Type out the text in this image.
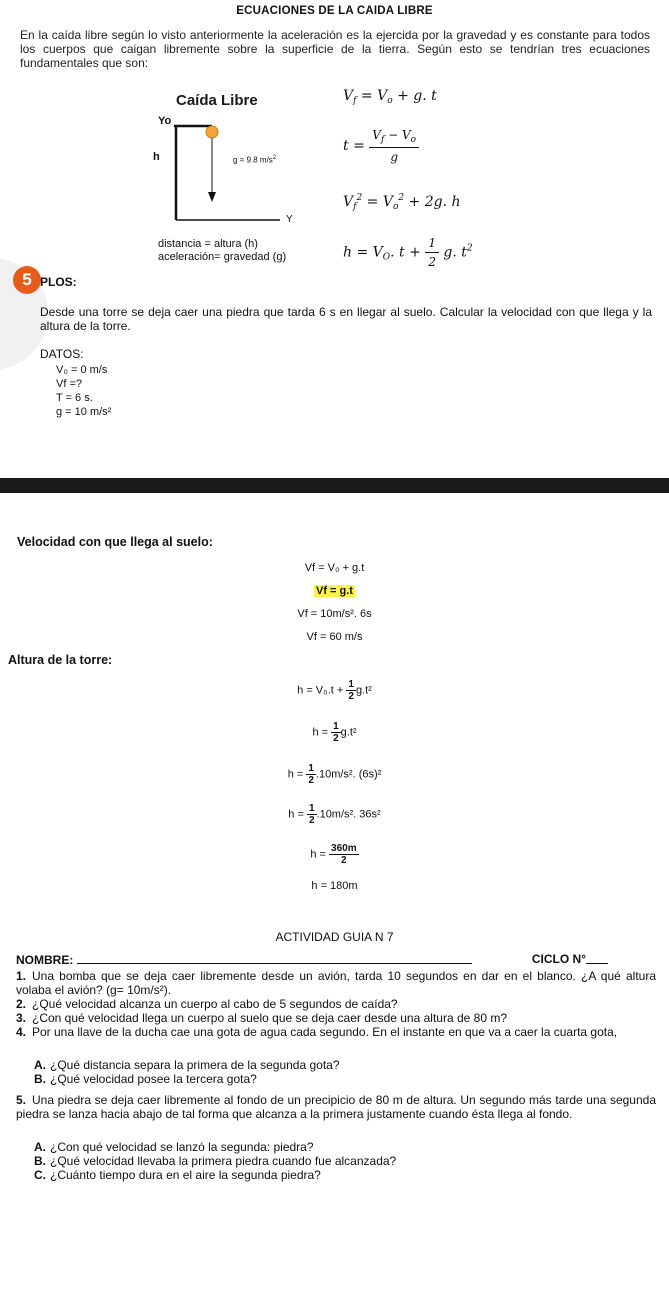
ECUACIONES DE LA CAIDA LIBRE
En la caída libre según lo visto anteriormente la aceleración es la ejercida por la gravedad y es constante para todos los cuerpos que caigan libremente sobre la superficie de la tierra. Según esto se tendrían tres ecuaciones fundamentales que son:
Caída Libre
Yo
h	g = 9.8 $m/s^2$
Y
distancia = altura (h)
aceleración= gravedad (g)
$V_f = V_o + g$. t
$t = \frac{V_f - V_o}{g}$
$V_f^2 = V_o^2 + 2g$. h
$h = V_O$. $t + \frac{1}{2} g$. $t^2$
5 PLOS:
Desde una torre se deja caer una piedra que tarda 6 s en llegar al suelo. Calcular la velocidad con que llega y la altura de la torre.
DATOS:
V₀ = 0 m/s
Vf =?
T = 6 s.
g = 10 m/s²
Velocidad con que llega al suelo:
Vf = V₀ + g.t
Vf = g.t
Vf = 10m/s². 6s
Vf = 60 m/s
Altura de la torre:
$h = V_0.t + \frac{1}{2} g.t^2$
$h = \frac{1}{2} g.t^2$
$h = \frac{1}{2} .10m/s^2$. (6s)²
$h = \frac{1}{2} .10m/s^2$. 36s²
$h = \frac{360m}{2}$
h = 180m
ACTIVIDAD GUIA N 7
NOMBRE:	CICLO N°
1. Una bomba que se deja caer libremente desde un avión, tarda 10 segundos en dar en el blanco. ¿A qué altura volaba el avión? (g= 10m/s²).
2. ¿Qué velocidad alcanza un cuerpo al cabo de 5 segundos de caída?
3. ¿Con qué velocidad llega un cuerpo al suelo que se deja caer desde una altura de 80 m?
4. Por una llave de la ducha cae una gota de agua cada segundo. En el instante en que va a caer la cuarta gota,
A. ¿Qué distancia separa la primera de la segunda gota?
B. ¿Qué velocidad posee la tercera gota?
5. Una piedra se deja caer libremente al fondo de un precipicio de 80 m de altura. Un segundo más tarde una segunda piedra se lanza hacia abajo de tal forma que alcanza a la primera justamente cuando ésta llega al fondo.
A. ¿Con qué velocidad se lanzó la segunda: piedra?
B. ¿Qué velocidad llevaba la primera piedra cuando fue alcanzada?
C. ¿Cuánto tiempo dura en el aire la segunda piedra?
